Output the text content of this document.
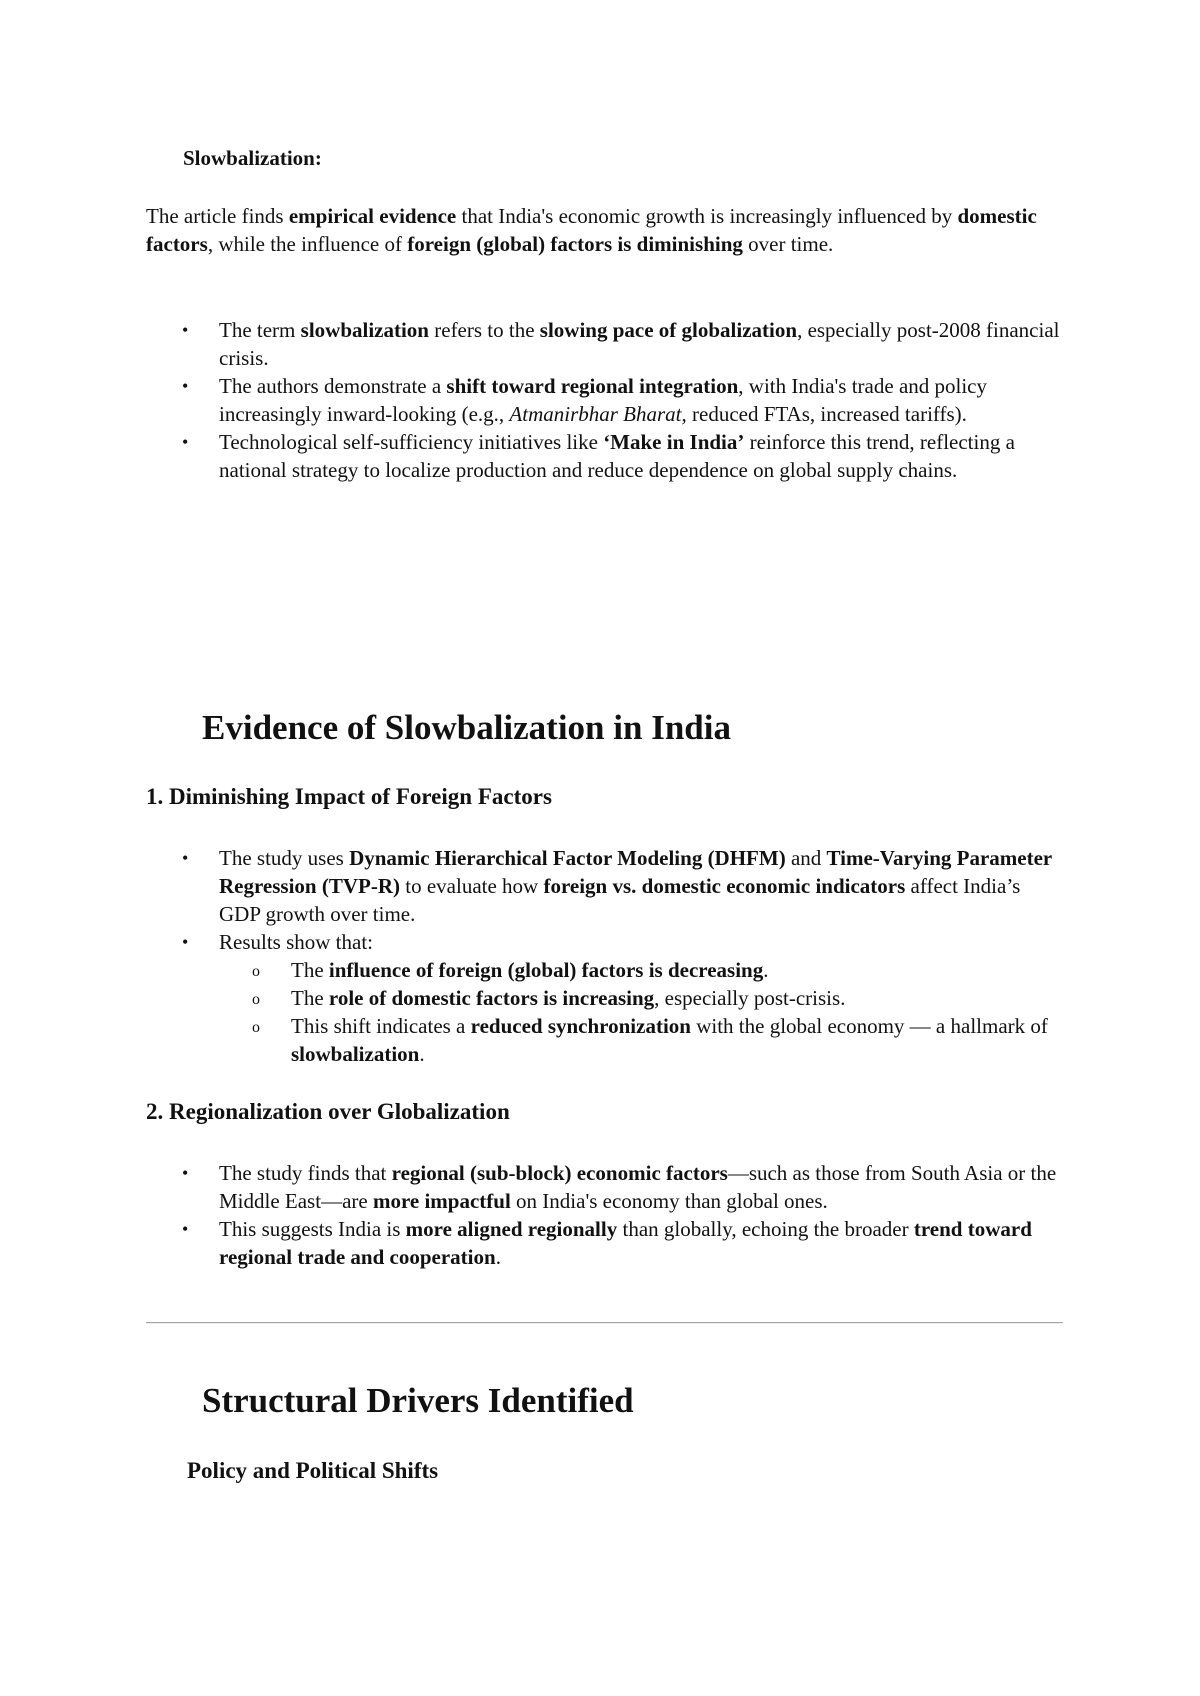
Slowbalization:

The article finds empirical evidence that India's economic growth is increasingly influenced by domestic factors, while the influence of foreign (global) factors is diminishing over time.

• The term slowbalization refers to the slowing pace of globalization, especially post-2008 financial crisis.
• The authors demonstrate a shift toward regional integration, with India's trade and policy increasingly inward-looking (e.g., Atmanirbhar Bharat, reduced FTAs, increased tariffs).
• Technological self-sufficiency initiatives like ‘Make in India’ reinforce this trend, reflecting a national strategy to localize production and reduce dependence on global supply chains.
Evidence of Slowbalization in India
1. Diminishing Impact of Foreign Factors
• The study uses Dynamic Hierarchical Factor Modeling (DHFM) and Time-Varying Parameter Regression (TVP-R) to evaluate how foreign vs. domestic economic indicators affect India’s GDP growth over time.
• Results show that:
o The influence of foreign (global) factors is decreasing.
o The role of domestic factors is increasing, especially post-crisis.
o This shift indicates a reduced synchronization with the global economy — a hallmark of slowbalization.
2. Regionalization over Globalization
• The study finds that regional (sub-block) economic factors—such as those from South Asia or the Middle East—are more impactful on India's economy than global ones.
• This suggests India is more aligned regionally than globally, echoing the broader trend toward regional trade and cooperation.
Structural Drivers Identified
Policy and Political Shifts
